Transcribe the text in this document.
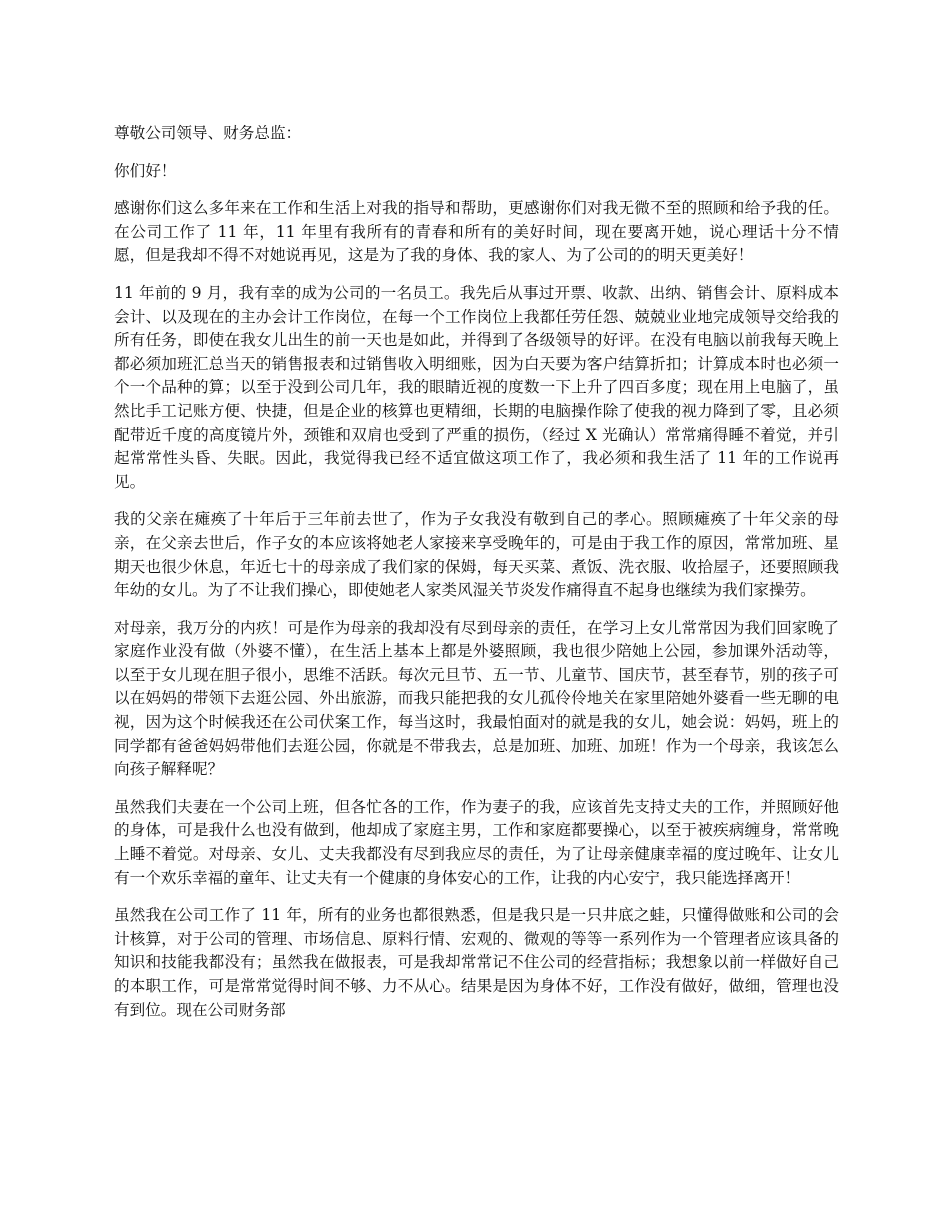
尊敬公司领导、财务总监：

你们好！

感谢你们这么多年来在工作和生活上对我的指导和帮助，更感谢你们对我无微不至的照顾和给予我的任。在公司工作了 11 年，11 年里有我所有的青春和所有的美好时间，现在要离开她，说心理话十分不情愿，但是我却不得不对她说再见，这是为了我的身体、我的家人、为了公司的的明天更美好！

11 年前的 9 月，我有幸的成为公司的一名员工。我先后从事过开票、收款、出纳、销售会计、原料成本会计、以及现在的主办会计工作岗位，在每一个工作岗位上我都任劳任怨、兢兢业业地完成领导交给我的所有任务，即使在我女儿出生的前一天也是如此，并得到了各级领导的好评。在没有电脑以前我每天晚上都必须加班汇总当天的销售报表和过销售收入明细账，因为白天要为客户结算折扣；计算成本时也必须一个一个品种的算；以至于没到公司几年，我的眼睛近视的度数一下上升了四百多度；现在用上电脑了，虽然比手工记账方便、快捷，但是企业的核算也更精细，长期的电脑操作除了使我的视力降到了零，且必须配带近千度的高度镜片外，颈锥和双肩也受到了严重的损伤，（经过 X 光确认）常常痛得睡不着觉，并引起常常性头昏、失眠。因此，我觉得我已经不适宜做这项工作了，我必须和我生活了 11 年的工作说再见。

我的父亲在瘫痪了十年后于三年前去世了，作为子女我没有敬到自己的孝心。照顾瘫痪了十年父亲的母亲，在父亲去世后，作子女的本应该将她老人家接来享受晚年的，可是由于我工作的原因，常常加班、星期天也很少休息，年近七十的母亲成了我们家的保姆，每天买菜、煮饭、洗衣服、收拾屋子，还要照顾我年幼的女儿。为了不让我们操心，即使她老人家类风湿关节炎发作痛得直不起身也继续为我们家操劳。

对母亲，我万分的内疚！可是作为母亲的我却没有尽到母亲的责任，在学习上女儿常常因为我们回家晚了家庭作业没有做（外婆不懂），在生活上基本上都是外婆照顾，我也很少陪她上公园，参加课外活动等，以至于女儿现在胆子很小，思维不活跃。每次元旦节、五一节、儿童节、国庆节，甚至春节，别的孩子可以在妈妈的带领下去逛公园、外出旅游，而我只能把我的女儿孤伶伶地关在家里陪她外婆看一些无聊的电视，因为这个时候我还在公司伏案工作，每当这时，我最怕面对的就是我的女儿，她会说：妈妈，班上的同学都有爸爸妈妈带他们去逛公园，你就是不带我去，总是加班、加班、加班！作为一个母亲，我该怎么向孩子解释呢？

虽然我们夫妻在一个公司上班，但各忙各的工作，作为妻子的我，应该首先支持丈夫的工作，并照顾好他的身体，可是我什么也没有做到，他却成了家庭主男，工作和家庭都要操心，以至于被疾病缠身，常常晚上睡不着觉。对母亲、女儿、丈夫我都没有尽到我应尽的责任，为了让母亲健康幸福的度过晚年、让女儿有一个欢乐幸福的童年、让丈夫有一个健康的身体安心的工作，让我的内心安宁，我只能选择离开！

虽然我在公司工作了 11 年，所有的业务也都很熟悉，但是我只是一只井底之蛙，只懂得做账和公司的会计核算，对于公司的管理、市场信息、原料行情、宏观的、微观的等等一系列作为一个管理者应该具备的知识和技能我都没有；虽然我在做报表，可是我却常常记不住公司的经营指标；我想象以前一样做好自己的本职工作，可是常常觉得时间不够、力不从心。结果是因为身体不好，工作没有做好，做细，管理也没有到位。现在公司财务部
